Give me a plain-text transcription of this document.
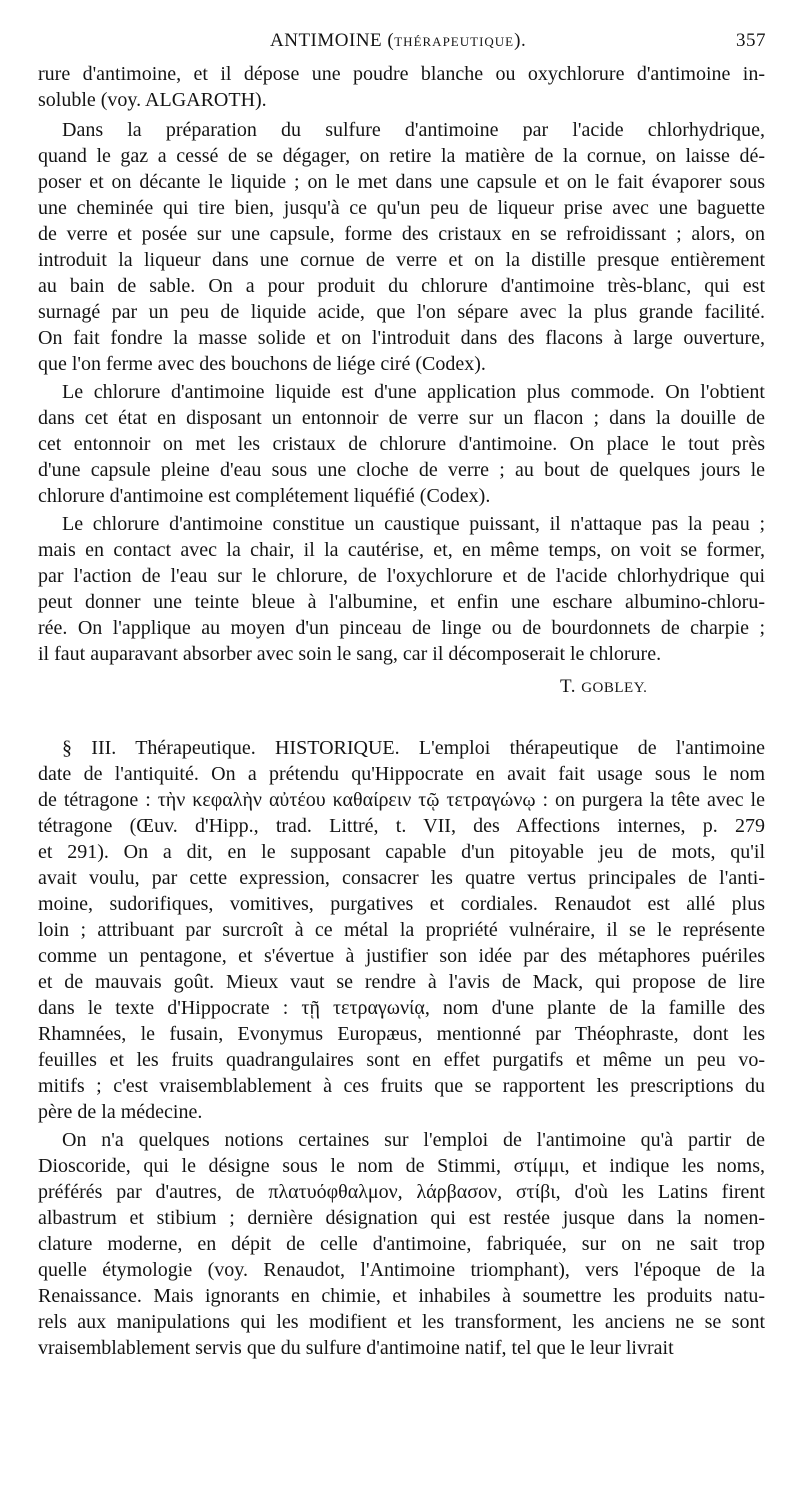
ANTIMOINE (THÉRAPEUTIQUE).	357
rure d'antimoine, et il dépose une poudre blanche ou oxychlorure d'antimoine in-
soluble (voy. ALGAROTH).
Dans la préparation du sulfure d'antimoine par l'acide chlorhydrique,
quand le gaz a cessé de se dégager, on retire la matière de la cornue, on laisse dé-
poser et on décante le liquide ; on le met dans une capsule et on le fait évaporer sous
une cheminée qui tire bien, jusqu'à ce qu'un peu de liqueur prise avec une baguette
de verre et posée sur une capsule, forme des cristaux en se refroidissant ; alors, on
introduit la liqueur dans une cornue de verre et on la distille presque entièrement
au bain de sable. On a pour produit du chlorure d'antimoine très-blanc, qui est
surnagé par un peu de liquide acide, que l'on sépare avec la plus grande facilité.
On fait fondre la masse solide et on l'introduit dans des flacons à large ouverture,
que l'on ferme avec des bouchons de liége ciré (Codex).
Le chlorure d'antimoine liquide est d'une application plus commode. On l'obtient
dans cet état en disposant un entonnoir de verre sur un flacon ; dans la douille de
cet entonnoir on met les cristaux de chlorure d'antimoine. On place le tout près
d'une capsule pleine d'eau sous une cloche de verre ; au bout de quelques jours le
chlorure d'antimoine est complétement liquéfié (Codex).
Le chlorure d'antimoine constitue un caustique puissant, il n'attaque pas la peau ;
mais en contact avec la chair, il la cautérise, et, en même temps, on voit se former,
par l'action de l'eau sur le chlorure, de l'oxychlorure et de l'acide chlorhydrique qui
peut donner une teinte bleue à l'albumine, et enfin une eschare albumino-chloru-
rée. On l'applique au moyen d'un pinceau de linge ou de bourdonnets de charpie ;
il faut auparavant absorber avec soin le sang, car il décomposerait le chlorure.
§ III. Thérapeutique. HISTORIQUE. L'emploi thérapeutique de l'antimoine
date de l'antiquité. On a prétendu qu'Hippocrate en avait fait usage sous le nom
de tétragone : τὴν κεφαλὴν αὐτέου καθαίρειν τῷ τετραγώνῳ : on purgera la tête avec le
tétragone (Œuv. d'Hipp., trad. Littré, t. VII, des Affections internes, p. 279
et 291). On a dit, en le supposant capable d'un pitoyable jeu de mots, qu'il
avait voulu, par cette expression, consacrer les quatre vertus principales de l'anti-
moine, sudorifiques, vomitives, purgatives et cordiales. Renaudot est allé plus
loin ; attribuant par surcroît à ce métal la propriété vulnéraire, il se le représente
comme un pentagone, et s'évertue à justifier son idée par des métaphores puériles
et de mauvais goût. Mieux vaut se rendre à l'avis de Mack, qui propose de lire
dans le texte d'Hippocrate : τῇ τετραγωνίᾳ, nom d'une plante de la famille des
Rhamnées, le fusain, Evonymus Europæus, mentionné par Théophraste, dont les
feuilles et les fruits quadrangulaires sont en effet purgatifs et même un peu vo-
mitifs ; c'est vraisemblablement à ces fruits que se rapportent les prescriptions du
père de la médecine.
On n'a quelques notions certaines sur l'emploi de l'antimoine qu'à partir de
Dioscoride, qui le désigne sous le nom de Stimmi, στίμμι, et indique les noms,
préférés par d'autres, de πλατυόφθαλμον, λάρβασον, στίβι, d'où les Latins firent
albastrum et stibium ; dernière désignation qui est restée jusque dans la nomen-
clature moderne, en dépit de celle d'antimoine, fabriquée, sur on ne sait trop
quelle étymologie (voy. Renaudot, l'Antimoine triomphant), vers l'époque de la
Renaissance. Mais ignorants en chimie, et inhabiles à soumettre les produits natu-
rels aux manipulations qui les modifient et les transforment, les anciens ne se sont
vraisemblablement servis que du sulfure d'antimoine natif, tel que le leur livrait
T. GOBLEY.
